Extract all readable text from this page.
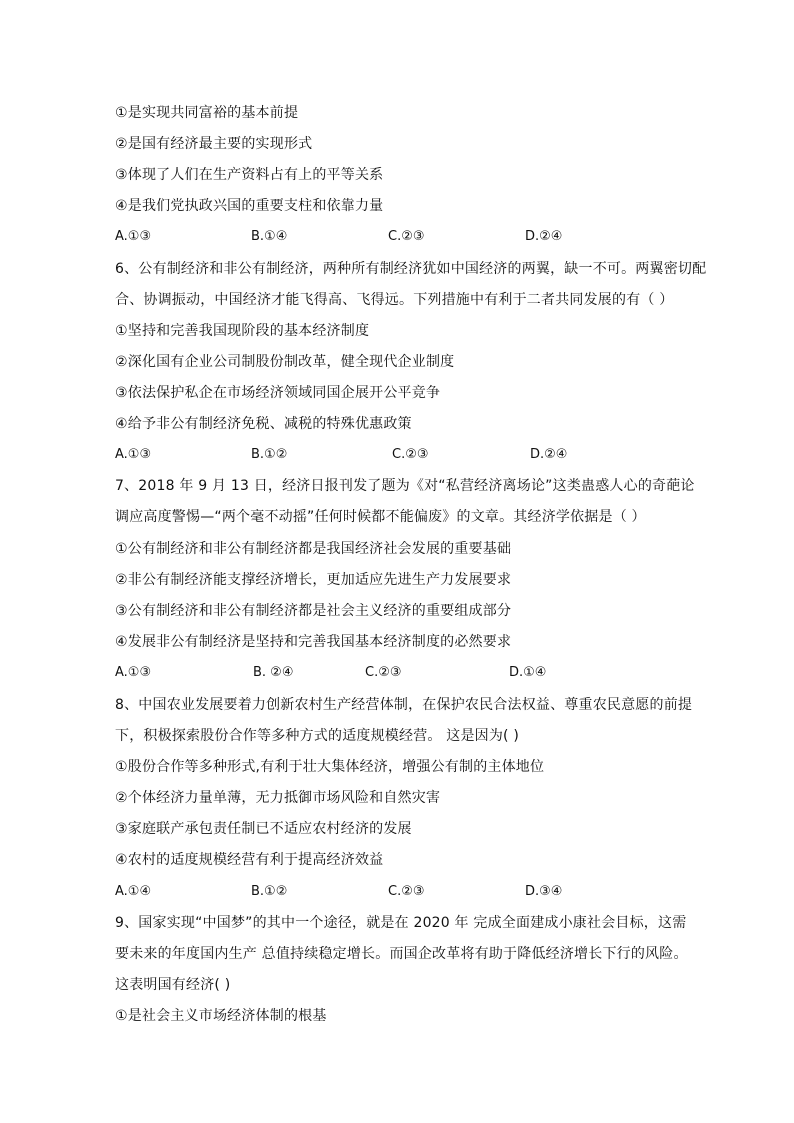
①是实现共同富裕的基本前提
②是国有经济最主要的实现形式
③体现了人们在生产资料占有上的平等关系
④是我们党执政兴国的重要支柱和依靠力量
A.①③	B.①④	C.②③	D.②④
6、公有制经济和非公有制经济，两种所有制经济犹如中国经济的两翼，缺一不可。两翼密切配
合、协调振动，中国经济才能飞得高、飞得远。下列措施中有利于二者共同发展的有（ ）
①坚持和完善我国现阶段的基本经济制度
②深化国有企业公司制股份制改革，健全现代企业制度
③依法保护私企在市场经济领域同国企展开公平竞争
④给予非公有制经济免税、减税的特殊优惠政策
A.①③	B.①②	C.②③	D.②④
7、2018 年 9 月 13 日，经济日报刊发了题为《对“私营经济离场论”这类蛊惑人心的奇葩论
调应高度警惕—“两个毫不动摇”任何时候都不能偏废》的文章。其经济学依据是（ ）
①公有制经济和非公有制经济都是我国经济社会发展的重要基础
②非公有制经济能支撑经济增长，更加适应先进生产力发展要求
③公有制经济和非公有制经济都是社会主义经济的重要组成部分
④发展非公有制经济是坚持和完善我国基本经济制度的必然要求
A.①③	B. ②④	C.②③	D.①④
8、中国农业发展要着力创新农村生产经营体制，在保护农民合法权益、尊重农民意愿的前提
下，积极探索股份合作等多种方式的适度规模经营。 这是因为( )
①股份合作等多种形式,有利于壮大集体经济，增强公有制的主体地位
②个体经济力量单薄，无力抵御市场风险和自然灾害
③家庭联产承包责任制已不适应农村经济的发展
④农村的适度规模经营有利于提高经济效益
A.①④	B.①②	C.②③	D.③④
9、国家实现“中国梦”的其中一个途径，就是在 2020 年 完成全面建成小康社会目标，这需
要未来的年度国内生产 总值持续稳定增长。而国企改革将有助于降低经济增长下行的风险。
这表明国有经济( )
①是社会主义市场经济体制的根基
